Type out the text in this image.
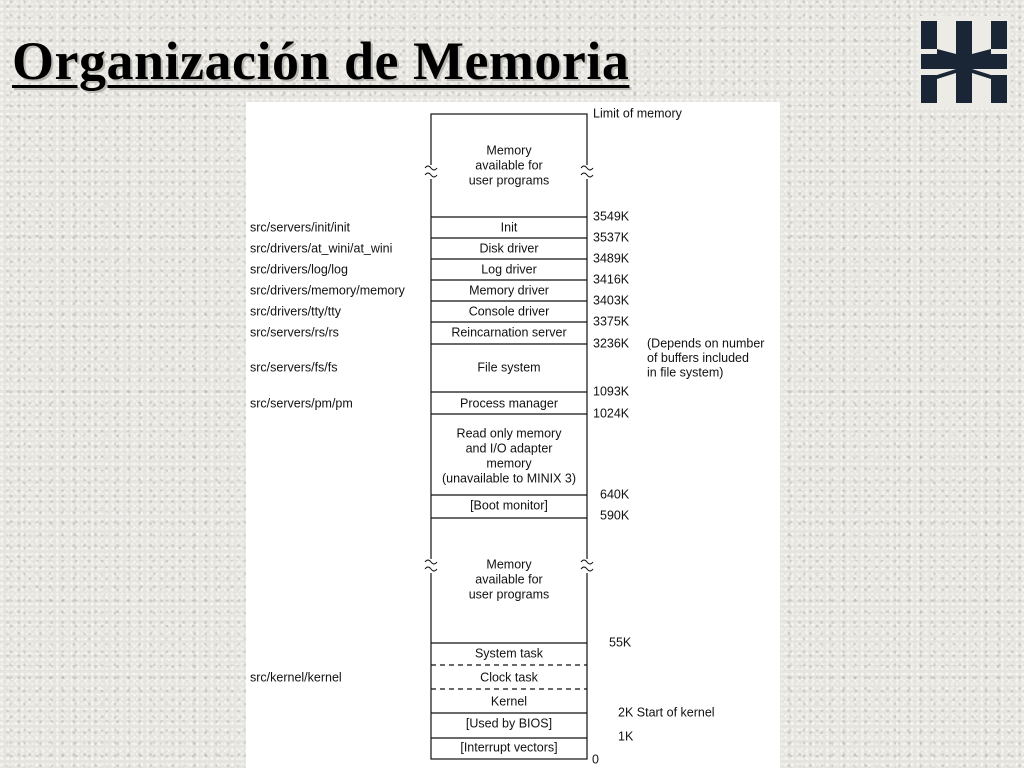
Organización de Memoria
Memory
available for
user programs
Init
Disk driver
Log driver
Memory driver
Console driver
Reincarnation server
File system
Process manager
Read only memory
and I/O adapter
memory
(unavailable to MINIX 3)
[Boot monitor]
Memory
available for
user programs
System task
Clock task
Kernel
[Used by BIOS]
[Interrupt vectors]
Limit of memory
3549K
3537K
3489K
3416K
3403K
3375K
3236K
1093K
1024K
640K
590K
55K
2K Start of kernel
1K
0
(Depends on number
of buffers included
in file system)
src/servers/init/init
src/drivers/at_wini/at_wini
src/drivers/log/log
src/drivers/memory/memory
src/drivers/tty/tty
src/servers/rs/rs
src/servers/fs/fs
src/servers/pm/pm
src/kernel/kernel
